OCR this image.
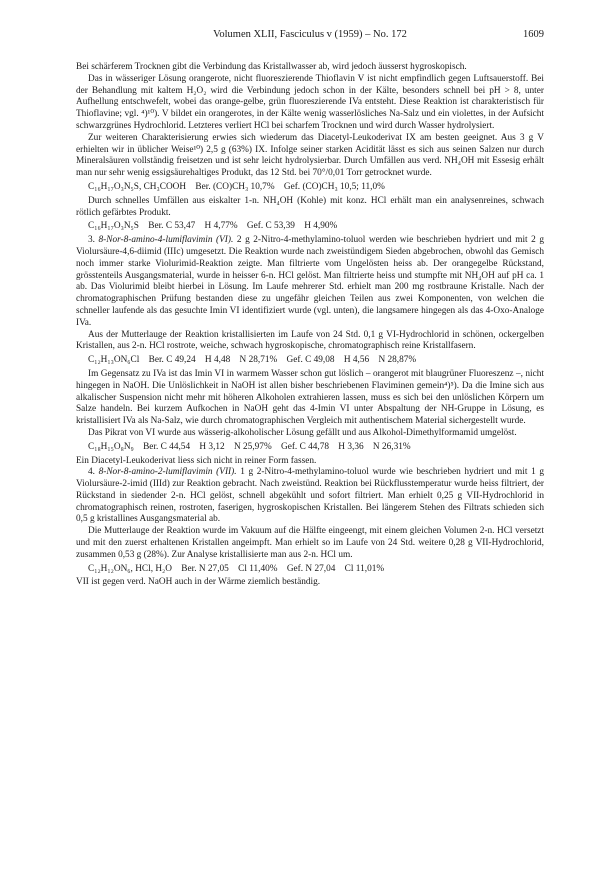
Volumen XLII, Fasciculus v (1959) – No. 172	1609

Bei schärferem Trocknen gibt die Verbindung das Kristallwasser ab, wird jedoch äusserst hygroskopisch.

Das in wässeriger Lösung orangerote, nicht fluoreszierende Thioflavin V ist nicht empfindlich gegen Luftsauerstoff. Bei der Behandlung mit kaltem H₂O₂ wird die Verbindung jedoch schon in der Kälte, besonders schnell bei pH > 8, unter Aufhellung entschwefelt, wobei das orange-gelbe, grün fluoreszierende IVa entsteht. Diese Reaktion ist charakteristisch für Thioflavine; vgl. ⁴)¹⁰). V bildet ein orangerotes, in der Kälte wenig wasserlösliches Na-Salz und ein violettes, in der Aufsicht schwarzgrünes Hydrochlorid. Letzteres verliert HCl bei scharfem Trocknen und wird durch Wasser hydrolysiert.

Zur weiteren Charakterisierung erwies sich wiederum das Diacetyl-Leukoderivat IX am besten geeignet. Aus 3 g V erhielten wir in üblicher Weise¹⁰) 2,5 g (63%) IX. Infolge seiner starken Acidität lässt es sich aus seinen Salzen nur durch Mineralsäuren vollständig freisetzen und ist sehr leicht hydrolysierbar. Durch Umfällen aus verd. NH₄OH mit Essesig erhält man nur sehr wenig essigsäurehaltiges Produkt, das 12 Std. bei 70°/0,01 Torr getrocknet wurde.

C₁₆H₁₇O₃N₅S, CH₃COOH    Ber. (CO)CH₃ 10,7%    Gef. (CO)CH₃ 10,5; 11,0%

Durch schnelles Umfällen aus eiskalter 1-n. NH₄OH (Kohle) mit konz. HCl erhält man ein analysenreines, schwach rötlich gefärbtes Produkt.

C₁₆H₁₇O₃N₅S    Ber. C 53,47    H 4,77%    Gef. C 53,39    H 4,90%

3. 8-Nor-8-amino-4-lumiflavimin (VI). 2 g 2-Nitro-4-methylamino-toluol werden wie beschrieben hydriert und mit 2 g Violursäure-4,6-diimid (IIIc) umgesetzt. Die Reaktion wurde nach zweistündigem Sieden abgebrochen, obwohl das Gemisch noch immer starke Violurimid-Reaktion zeigte. Man filtrierte vom Ungelösten heiss ab. Der orangegelbe Rückstand, grösstenteils Ausgangsmaterial, wurde in heisser 6-n. HCl gelöst. Man filtrierte heiss und stumpfte mit NH₄OH auf pH ca. 1 ab. Das Violurimid bleibt hierbei in Lösung. Im Laufe mehrerer Std. erhielt man 200 mg rostbraune Kristalle. Nach der chromatographischen Prüfung bestanden diese zu ungefähr gleichen Teilen aus zwei Komponenten, von welchen die schneller laufende als das gesuchte Imin VI identifiziert wurde (vgl. unten), die langsamere hingegen als das 4-Oxo-Analoge IVa.

Aus der Mutterlauge der Reaktion kristallisierten im Laufe von 24 Std. 0,1 g VI-Hydrochlorid in schönen, ockergelben Kristallen, aus 2-n. HCl rostrote, weiche, schwach hygroskopische, chromatographisch reine Kristallfasern.

C₁₂H₁₃ON₆Cl    Ber. C 49,24    H 4,48    N 28,71%    Gef. C 49,08    H 4,56    N 28,87%

Im Gegensatz zu IVa ist das Imin VI in warmem Wasser schon gut löslich – orangerot mit blaugrüner Fluoreszenz –, nicht hingegen in NaOH. Die Unlöslichkeit in NaOH ist allen bisher beschriebenen Flaviminen gemein⁴)⁵). Da die Imine sich aus alkalischer Suspension nicht mehr mit höheren Alkoholen extrahieren lassen, muss es sich bei den unlöslichen Körpern um Salze handeln. Bei kurzem Aufkochen in NaOH geht das 4-Imin VI unter Abspaltung der NH-Gruppe in Lösung, es kristallisiert IVa als Na-Salz, wie durch chromatographischen Vergleich mit authentischem Material sichergestellt wurde.

Das Pikrat von VI wurde aus wässerig-alkoholischer Lösung gefällt und aus Alkohol-Dimethylformamid umgelöst.

C₁₈H₁₅O₈N₉    Ber. C 44,54    H 3,12    N 25,97%    Gef. C 44,78    H 3,36    N 26,31%

Ein Diacetyl-Leukoderivat liess sich nicht in reiner Form fassen.

4. 8-Nor-8-amino-2-lumiflavimin (VII). 1 g 2-Nitro-4-methylamino-toluol wurde wie beschrieben hydriert und mit 1 g Violursäure-2-imid (IIId) zur Reaktion gebracht. Nach zweistünd. Reaktion bei Rückflusstemperatur wurde heiss filtriert, der Rückstand in siedender 2-n. HCl gelöst, schnell abgekühlt und sofort filtriert. Man erhielt 0,25 g VII-Hydrochlorid in chromatographisch reinen, rostroten, faserigen, hygroskopischen Kristallen. Bei längerem Stehen des Filtrats schieden sich 0,5 g kristallines Ausgangsmaterial ab.

Die Mutterlauge der Reaktion wurde im Vakuum auf die Hälfte eingeengt, mit einem gleichen Volumen 2-n. HCl versetzt und mit den zuerst erhaltenen Kristallen angeimpft. Man erhielt so im Laufe von 24 Std. weitere 0,28 g VII-Hydrochlorid, zusammen 0,53 g (28%). Zur Analyse kristallisierte man aus 2-n. HCl um.

C₁₂H₁₂ON₆, HCl, H₂O    Ber. N 27,05    Cl 11,40%    Gef. N 27,04    Cl 11,01%

VII ist gegen verd. NaOH auch in der Wärme ziemlich beständig.
